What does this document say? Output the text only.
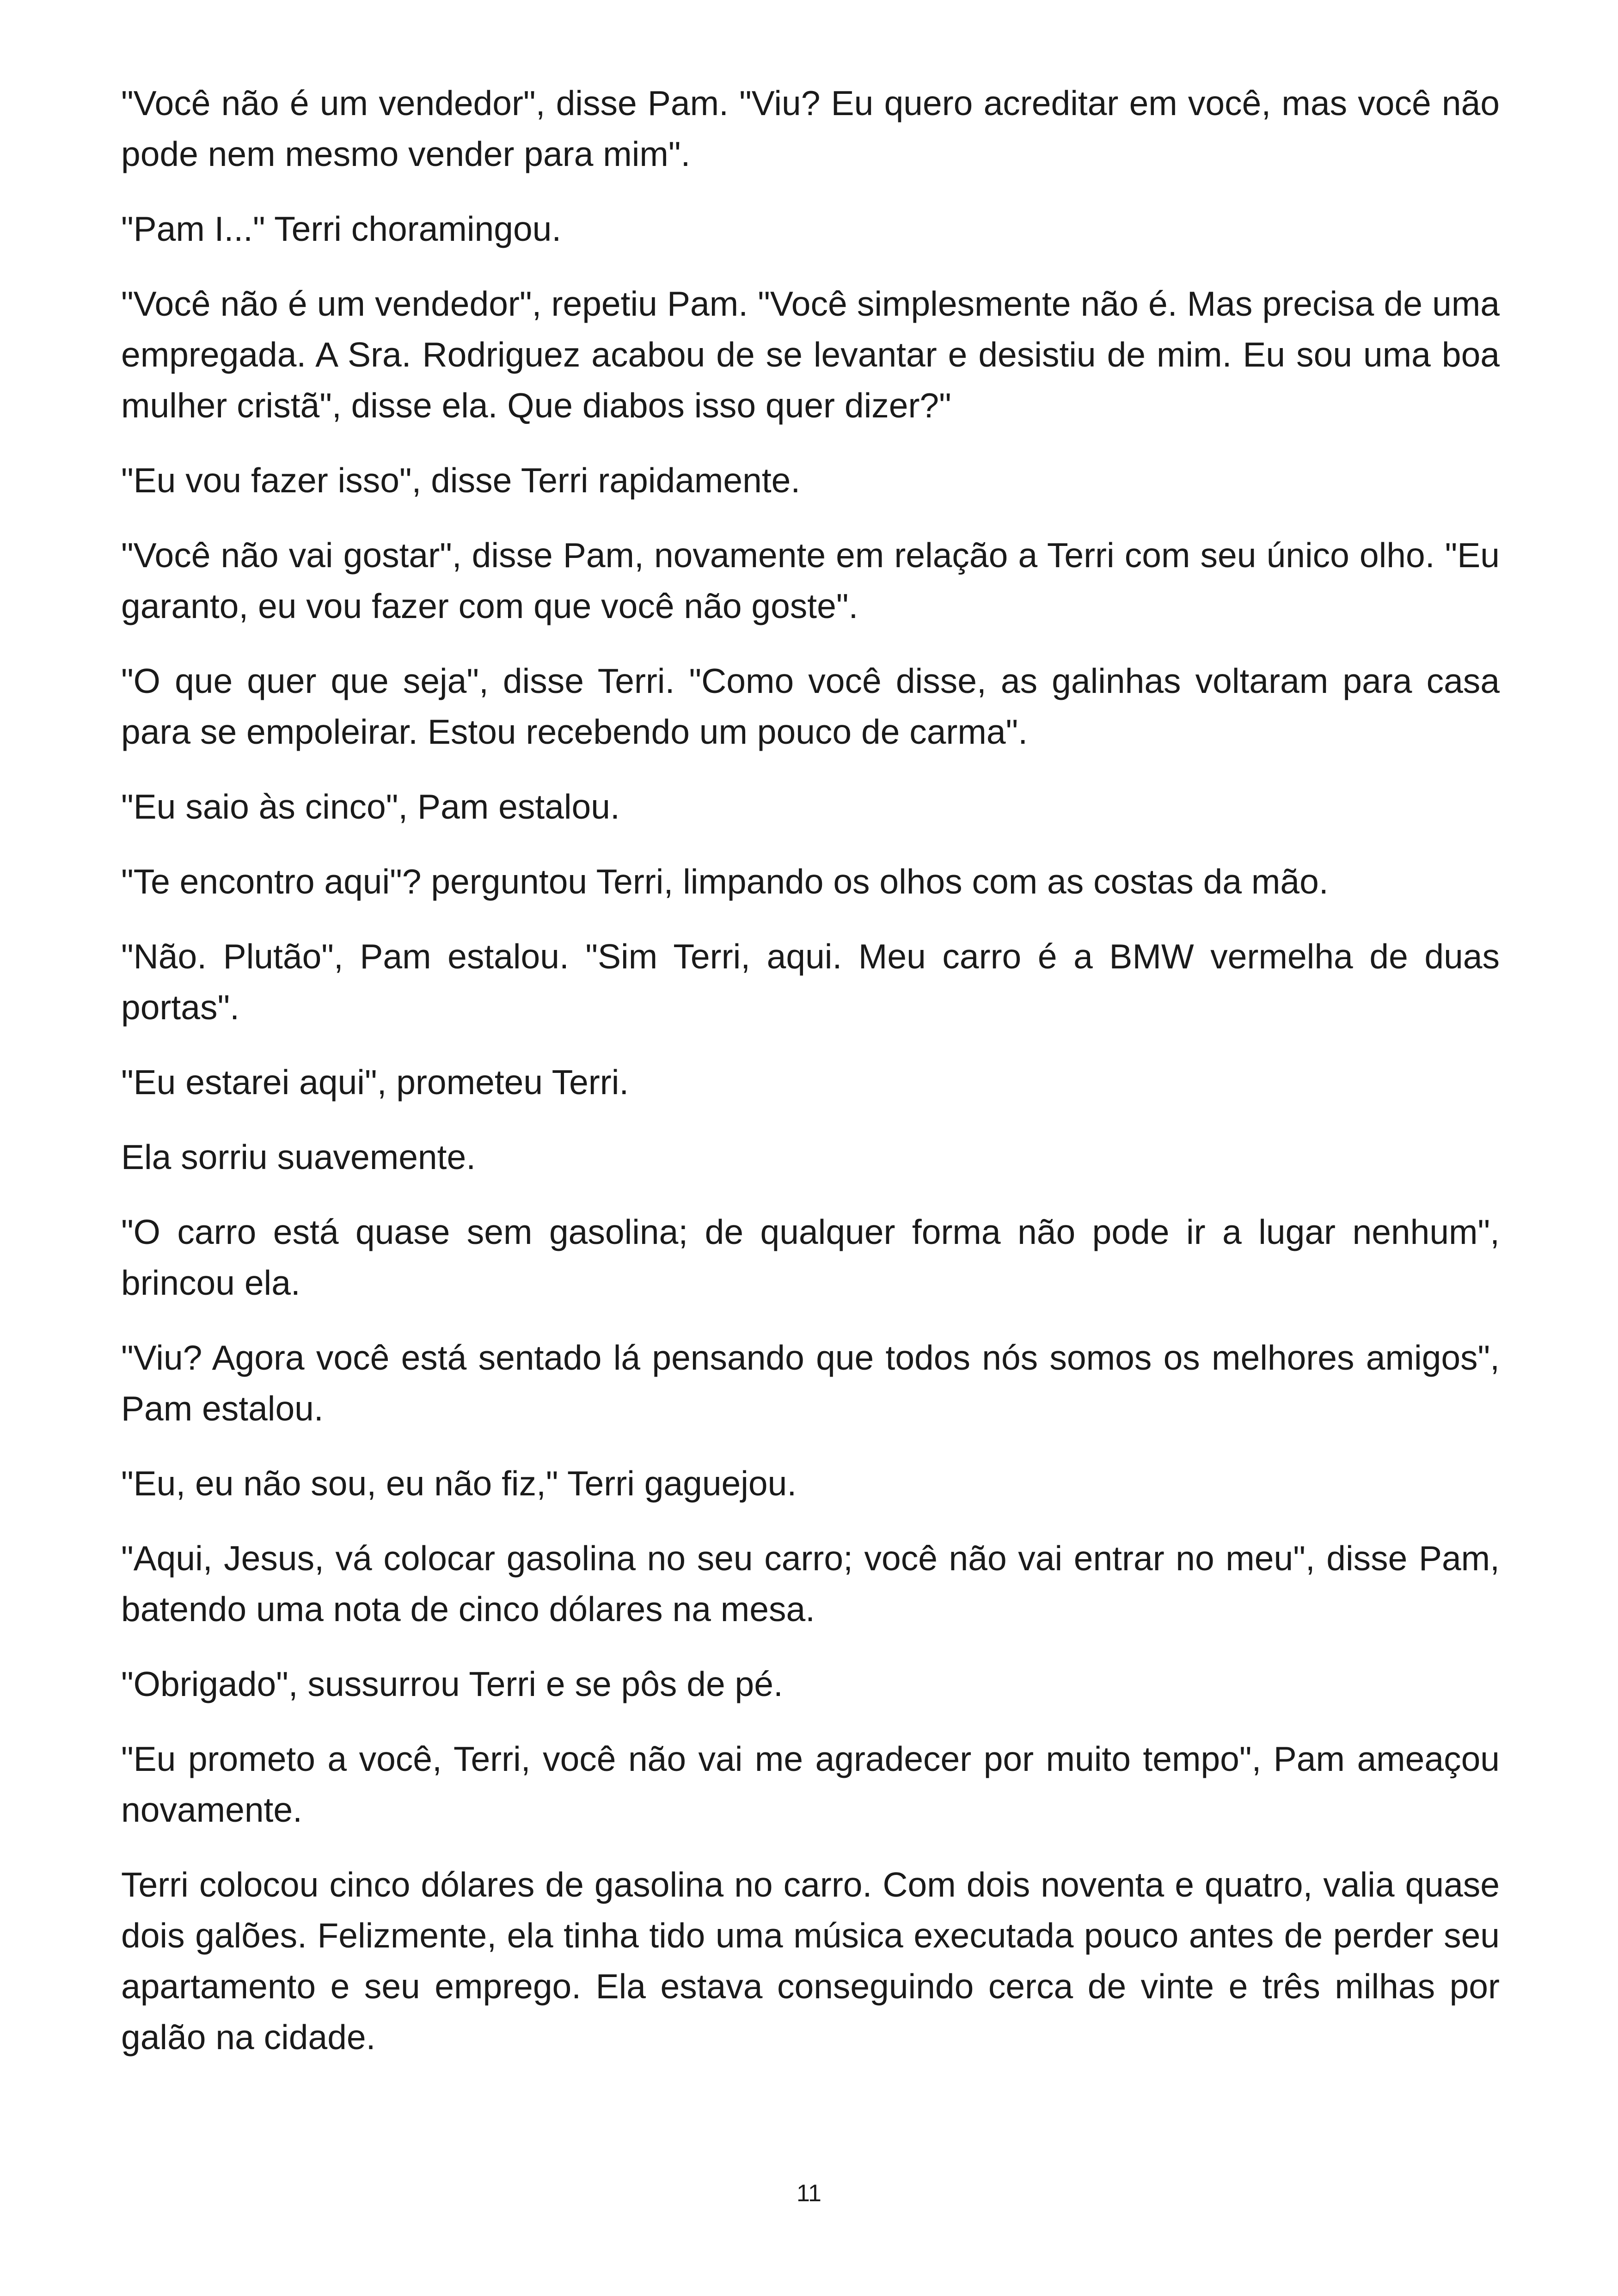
"Você não é um vendedor", disse Pam. "Viu? Eu quero acreditar em você, mas você não pode nem mesmo vender para mim".

"Pam I..." Terri choramingou.

"Você não é um vendedor", repetiu Pam. "Você simplesmente não é. Mas precisa de uma empregada. A Sra. Rodriguez acabou de se levantar e desistiu de mim. Eu sou uma boa mulher cristã", disse ela. Que diabos isso quer dizer?"

"Eu vou fazer isso", disse Terri rapidamente.

"Você não vai gostar", disse Pam, novamente em relação a Terri com seu único olho. "Eu garanto, eu vou fazer com que você não goste".

"O que quer que seja", disse Terri. "Como você disse, as galinhas voltaram para casa para se empoleirar. Estou recebendo um pouco de carma".

"Eu saio às cinco", Pam estalou.

"Te encontro aqui"? perguntou Terri, limpando os olhos com as costas da mão.

"Não. Plutão", Pam estalou. "Sim Terri, aqui. Meu carro é a BMW vermelha de duas portas".

"Eu estarei aqui", prometeu Terri.

Ela sorriu suavemente.

"O carro está quase sem gasolina; de qualquer forma não pode ir a lugar nenhum", brincou ela.

"Viu? Agora você está sentado lá pensando que todos nós somos os melhores amigos", Pam estalou.

"Eu, eu não sou, eu não fiz," Terri gaguejou.

"Aqui, Jesus, vá colocar gasolina no seu carro; você não vai entrar no meu", disse Pam, batendo uma nota de cinco dólares na mesa.

"Obrigado", sussurrou Terri e se pôs de pé.

"Eu prometo a você, Terri, você não vai me agradecer por muito tempo", Pam ameaçou novamente.

Terri colocou cinco dólares de gasolina no carro. Com dois noventa e quatro, valia quase dois galões. Felizmente, ela tinha tido uma música executada pouco antes de perder seu apartamento e seu emprego. Ela estava conseguindo cerca de vinte e três milhas por galão na cidade.

11
